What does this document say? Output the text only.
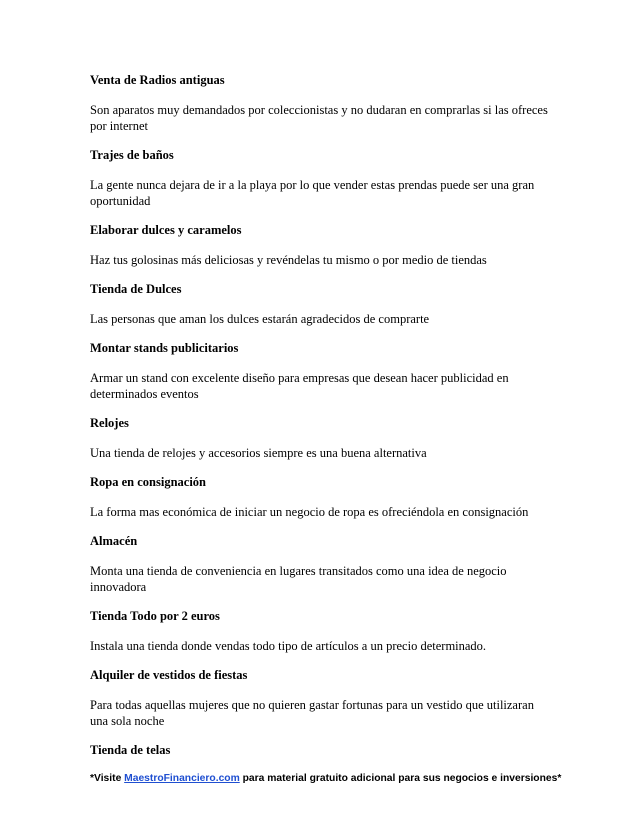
Venta de Radios antiguas

Son aparatos muy demandados por coleccionistas y no dudaran en comprarlas si las ofreces por internet

Trajes de baños

La gente nunca dejara de ir a la playa por lo que vender estas prendas puede ser una gran oportunidad

Elaborar dulces y caramelos

Haz tus golosinas más deliciosas y revéndelas tu mismo o por medio de tiendas

Tienda de Dulces

Las personas que aman los dulces estarán agradecidos de comprarte

Montar stands publicitarios

Armar un stand con excelente diseño para empresas que desean hacer publicidad en determinados eventos

Relojes

Una tienda de relojes y accesorios siempre es una buena alternativa

Ropa en consignación

La forma mas económica de iniciar un negocio de ropa es ofreciéndola en consignación

Almacén

Monta una tienda de conveniencia en lugares transitados como una idea de negocio innovadora

Tienda Todo por 2 euros

Instala una tienda donde vendas todo tipo de artículos a un precio determinado.

Alquiler de vestidos de fiestas

Para todas aquellas mujeres que no quieren gastar fortunas para un vestido que utilizaran una sola noche

Tienda de telas

*Visite MaestroFinanciero.com para material gratuito adicional para sus negocios e inversiones*
